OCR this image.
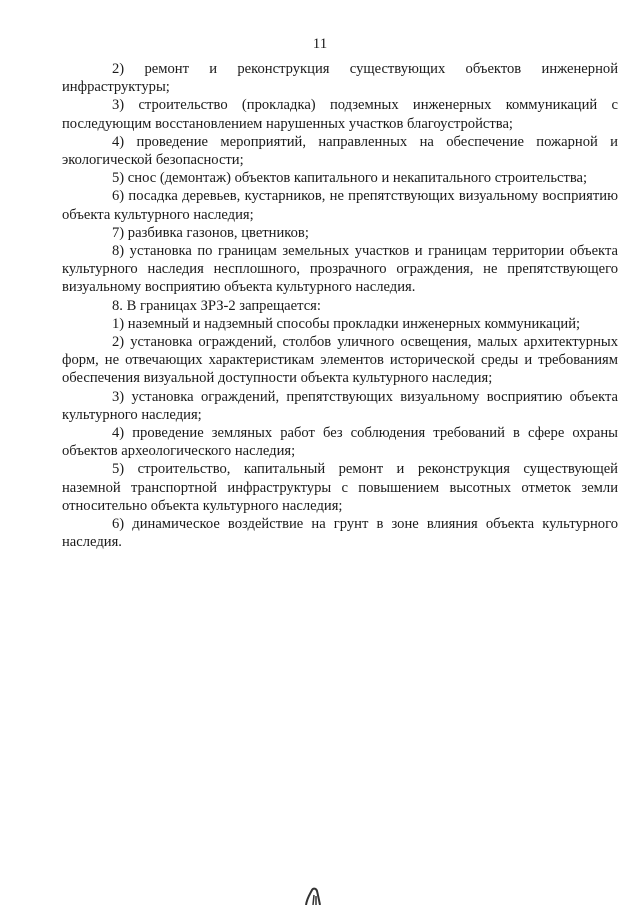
11

2) ремонт и реконструкция существующих объектов инженерной инфраструктуры;

3) строительство (прокладка) подземных инженерных коммуникаций с последующим восстановлением нарушенных участков благоустройства;

4) проведение мероприятий, направленных на обеспечение пожарной и экологической безопасности;

5) снос (демонтаж) объектов капитального и некапитального строительства;

6) посадка деревьев, кустарников, не препятствующих визуальному восприятию объекта культурного наследия;

7) разбивка газонов, цветников;

8) установка по границам земельных участков и границам территории объекта культурного наследия несплошного, прозрачного ограждения, не препятствующего визуальному восприятию объекта культурного наследия.

8. В границах ЗРЗ-2 запрещается:

1) наземный и надземный способы прокладки инженерных коммуникаций;

2) установка ограждений, столбов уличного освещения, малых архитектурных форм, не отвечающих характеристикам элементов исторической среды и требованиям обеспечения визуальной доступности объекта культурного наследия;

3) установка ограждений, препятствующих визуальному восприятию объекта культурного наследия;

4) проведение земляных работ без соблюдения требований в сфере охраны объектов археологического наследия;

5) строительство, капитальный ремонт и реконструкция существующей наземной транспортной инфраструктуры с повышением высотных отметок земли относительно объекта культурного наследия;

6) динамическое воздействие на грунт в зоне влияния объекта культурного наследия.
